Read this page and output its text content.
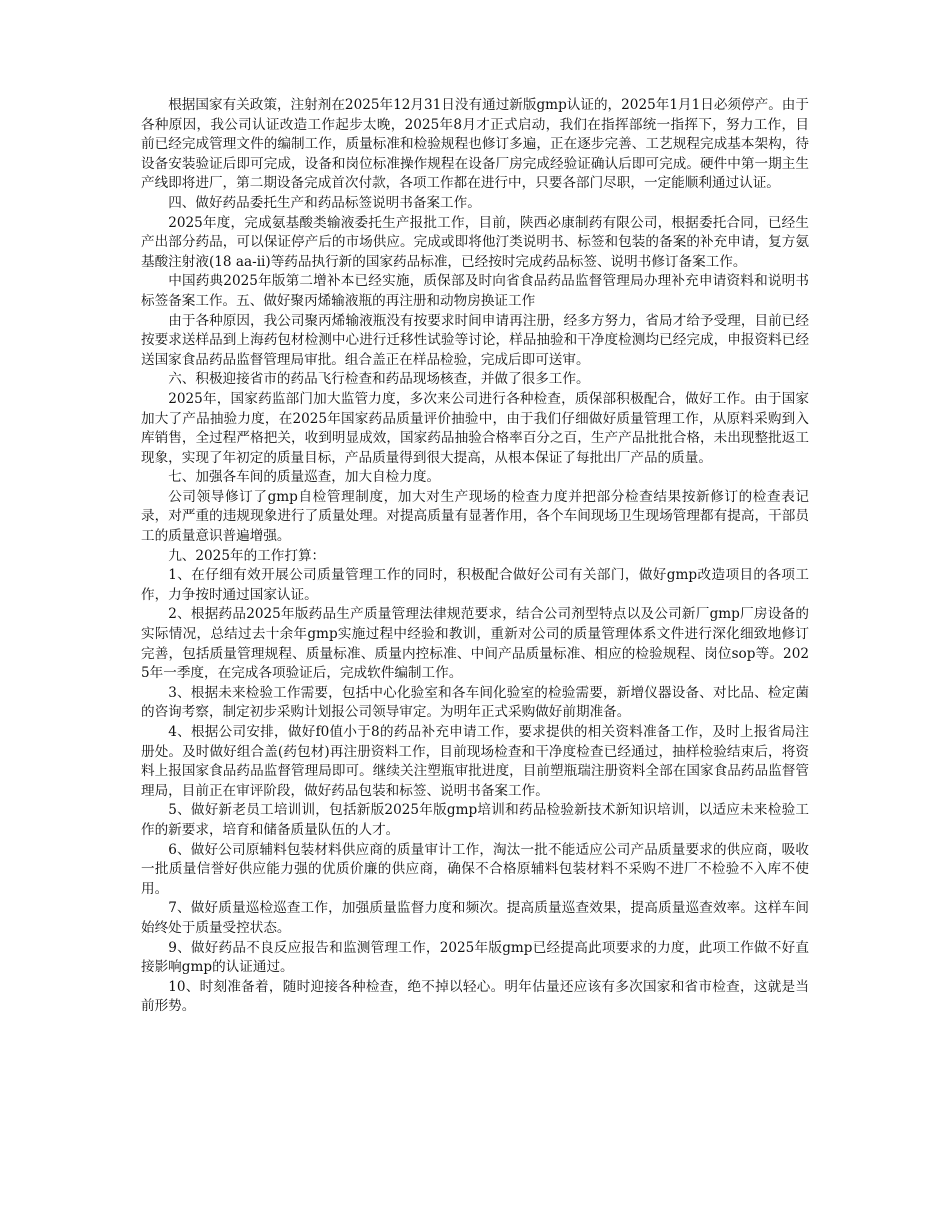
根据国家有关政策，注射剂在2025年12月31日没有通过新版gmp认证的，2025年1月1日必须停产。由于各种原因，我公司认证改造工作起步太晚，2025年8月才正式启动，我们在指挥部统一指挥下，努力工作，目前已经完成管理文件的编制工作，质量标准和检验规程也修订多遍，正在逐步完善、工艺规程完成基本架构，待设备安装验证后即可完成，设备和岗位标准操作规程在设备厂房完成经验证确认后即可完成。硬件中第一期主生产线即将进厂，第二期设备完成首次付款，各项工作都在进行中，只要各部门尽职，一定能顺利通过认证。

四、做好药品委托生产和药品标签说明书备案工作。

2025年度，完成氨基酸类输液委托生产报批工作，目前，陕西必康制药有限公司，根据委托合同，已经生产出部分药品，可以保证停产后的市场供应。完成或即将他汀类说明书、标签和包装的备案的补充申请，复方氨基酸注射液(18 aa-ii)等药品执行新的国家药品标准，已经按时完成药品标签、说明书修订备案工作。

中国药典2025年版第二增补本已经实施，质保部及时向省食品药品监督管理局办理补充申请资料和说明书标签备案工作。五、做好聚丙烯输液瓶的再注册和动物房换证工作

由于各种原因，我公司聚丙烯输液瓶没有按要求时间申请再注册，经多方努力，省局才给予受理，目前已经按要求送样品到上海药包材检测中心进行迁移性试验等讨论，样品抽验和干净度检测均已经完成，申报资料已经送国家食品药品监督管理局审批。组合盖正在样品检验，完成后即可送审。

六、积极迎接省市的药品飞行检查和药品现场核查，并做了很多工作。

2025年，国家药监部门加大监管力度，多次来公司进行各种检查，质保部积极配合，做好工作。由于国家加大了产品抽验力度，在2025年国家药品质量评价抽验中，由于我们仔细做好质量管理工作，从原料采购到入库销售，全过程严格把关，收到明显成效，国家药品抽验合格率百分之百，生产产品批批合格，未出现整批返工现象，实现了年初定的质量目标，产品质量得到很大提高，从根本保证了每批出厂产品的质量。

七、加强各车间的质量巡查，加大自检力度。

公司领导修订了gmp自检管理制度，加大对生产现场的检查力度并把部分检查结果按新修订的检查表记录，对严重的违规现象进行了质量处理。对提高质量有显著作用，各个车间现场卫生现场管理都有提高，干部员工的质量意识普遍增强。

九、2025年的工作打算：

1、在仔细有效开展公司质量管理工作的同时，积极配合做好公司有关部门，做好gmp改造项目的各项工作，力争按时通过国家认证。

2、根据药品2025年版药品生产质量管理法律规范要求，结合公司剂型特点以及公司新厂gmp厂房设备的实际情况，总结过去十余年gmp实施过程中经验和教训，重新对公司的质量管理体系文件进行深化细致地修订完善，包括质量管理规程、质量标准、质量内控标准、中间产品质量标准、相应的检验规程、岗位sop等。2025年一季度，在完成各项验证后，完成软件编制工作。

3、根据未来检验工作需要，包括中心化验室和各车间化验室的检验需要，新增仪器设备、对比品、检定菌的咨询考察，制定初步采购计划报公司领导审定。为明年正式采购做好前期准备。

4、根据公司安排，做好f0值小于8的药品补充申请工作，要求提供的相关资料准备工作，及时上报省局注册处。及时做好组合盖(药包材)再注册资料工作，目前现场检查和干净度检查已经通过，抽样检验结束后，将资料上报国家食品药品监督管理局即可。继续关注塑瓶审批进度，目前塑瓶瑞注册资料全部在国家食品药品监督管理局，目前正在审评阶段，做好药品包装和标签、说明书备案工作。

5、做好新老员工培训训，包括新版2025年版gmp培训和药品检验新技术新知识培训，以适应未来检验工作的新要求，培育和储备质量队伍的人才。

6、做好公司原辅料包装材料供应商的质量审计工作，淘汰一批不能适应公司产品质量要求的供应商，吸收一批质量信誉好供应能力强的优质价廉的供应商，确保不合格原辅料包装材料不采购不进厂不检验不入库不使用。

7、做好质量巡检巡查工作，加强质量监督力度和频次。提高质量巡查效果，提高质量巡查效率。这样车间始终处于质量受控状态。

9、做好药品不良反应报告和监测管理工作，2025年版gmp已经提高此项要求的力度，此项工作做不好直接影响gmp的认证通过。

10、时刻准备着，随时迎接各种检查，绝不掉以轻心。明年估量还应该有多次国家和省市检查，这就是当前形势。
